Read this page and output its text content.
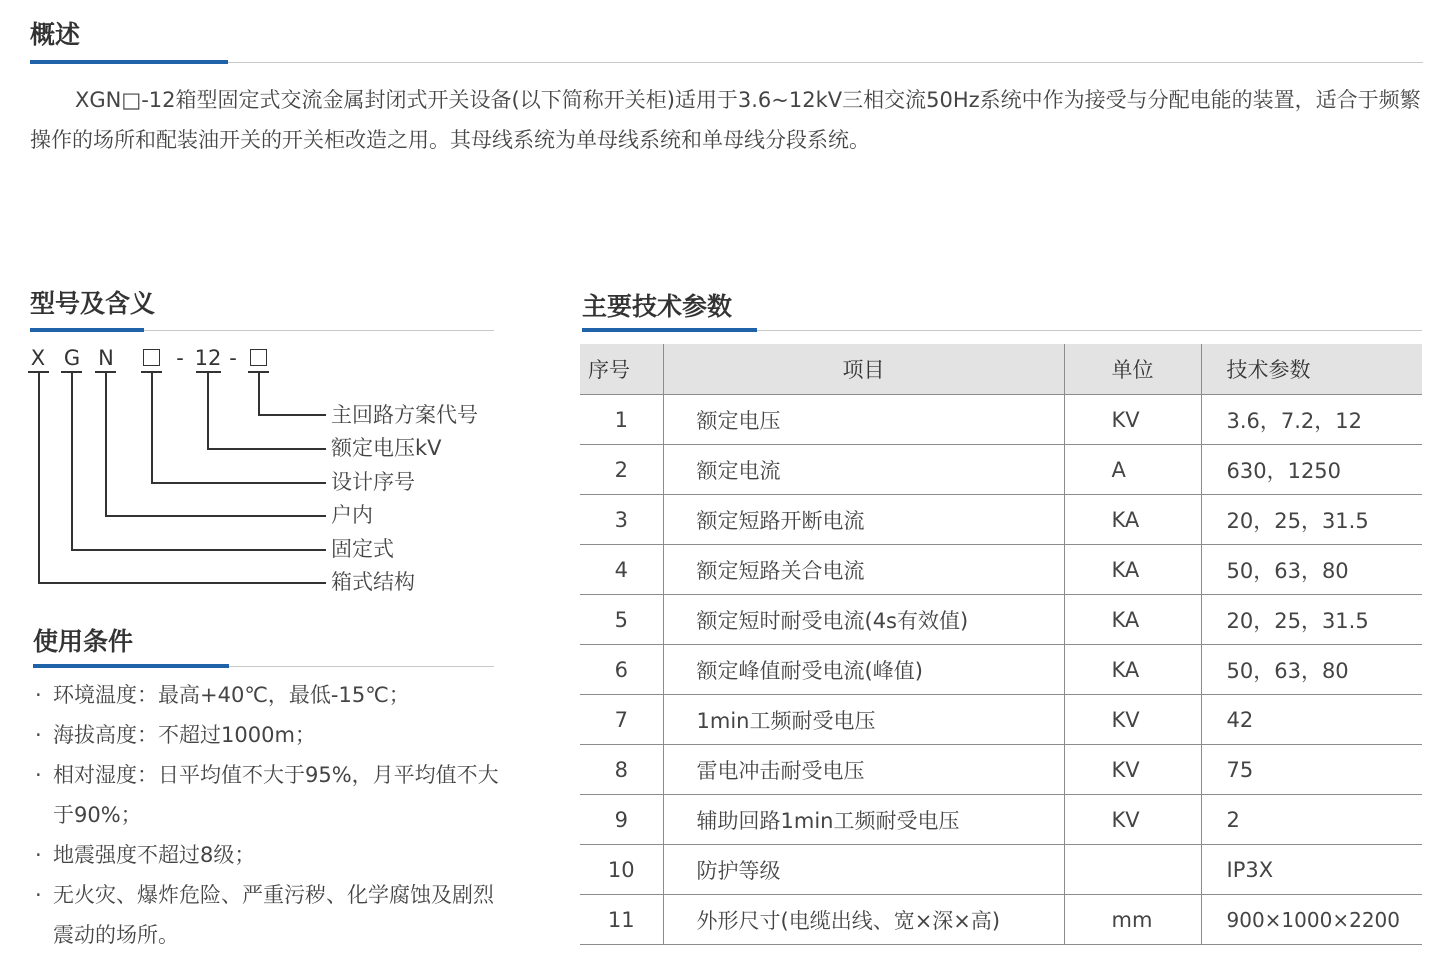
概述

XGN□-12箱型固定式交流金属封闭式开关设备(以下简称开关柜)适用于3.6~12kV三相交流50Hz系统中作为接受与分配电能的装置，适合于频繁操作的场所和配装油开关的开关柜改造之用。其母线系统为单母线系统和单母线分段系统。

型号及含义
X G N	- 12 -
主回路方案代号
额定电压kV
设计序号
户内
固定式
箱式结构
使用条件
· 环境温度：最高+40℃，最低-15℃；
· 海拔高度：不超过1000m；
· 相对湿度：日平均值不大于95%，月平均值不大于90%；
· 地震强度不超过8级；
· 无火灾、爆炸危险、严重污秽、化学腐蚀及剧烈震动的场所。
主要技术参数
序号	项目	单位	技术参数
1	额定电压	KV	3.6，7.2，12
2	额定电流	A	630，1250
3	额定短路开断电流	KA	20，25，31.5
4	额定短路关合电流	KA	50，63，80
5	额定短时耐受电流(4s有效值)	KA	20，25，31.5
6	额定峰值耐受电流(峰值)	KA	50，63，80
7	1min工频耐受电压	KV	42
8	雷电冲击耐受电压	KV	75
9	辅助回路1min工频耐受电压	KV	2
10	防护等级		IP3X
11	外形尺寸(电缆出线、宽×深×高)	mm	900×1000×2200
